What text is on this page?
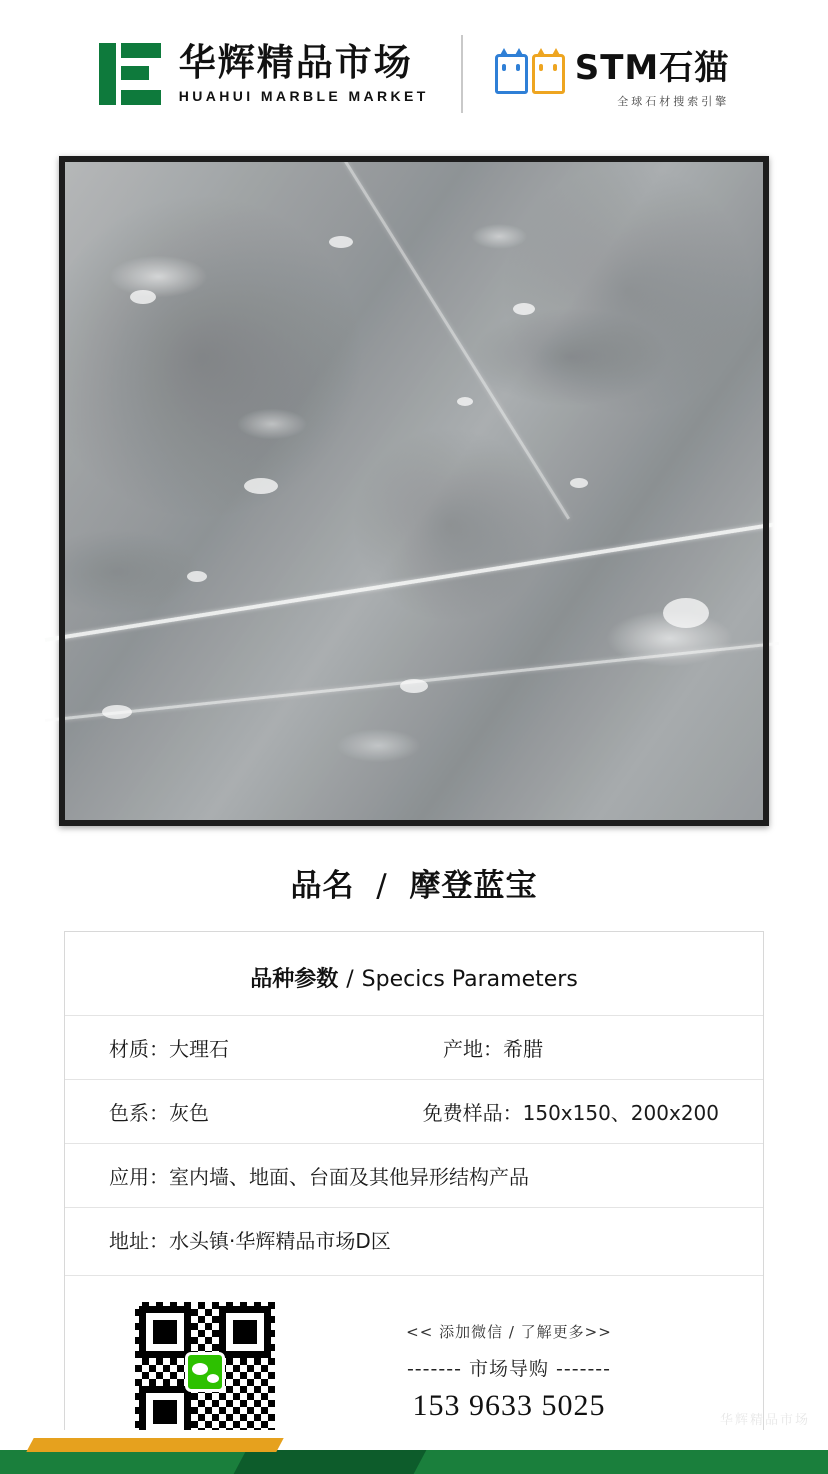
华辉精品市场
HUAHUI MARBLE MARKET
STM石猫
全球石材搜索引擎
品名 / 摩登蓝宝
品种参数 / Specics Parameters
材质：大理石	产地：希腊
色系：灰色	免费样品：150x150、200x200
应用：室内墙、地面、台面及其他异形结构产品
地址：水头镇·华辉精品市场D区
<< 添加微信 / 了解更多>>
------- 市场导购 -------
153 9633 5025	华辉精品市场
